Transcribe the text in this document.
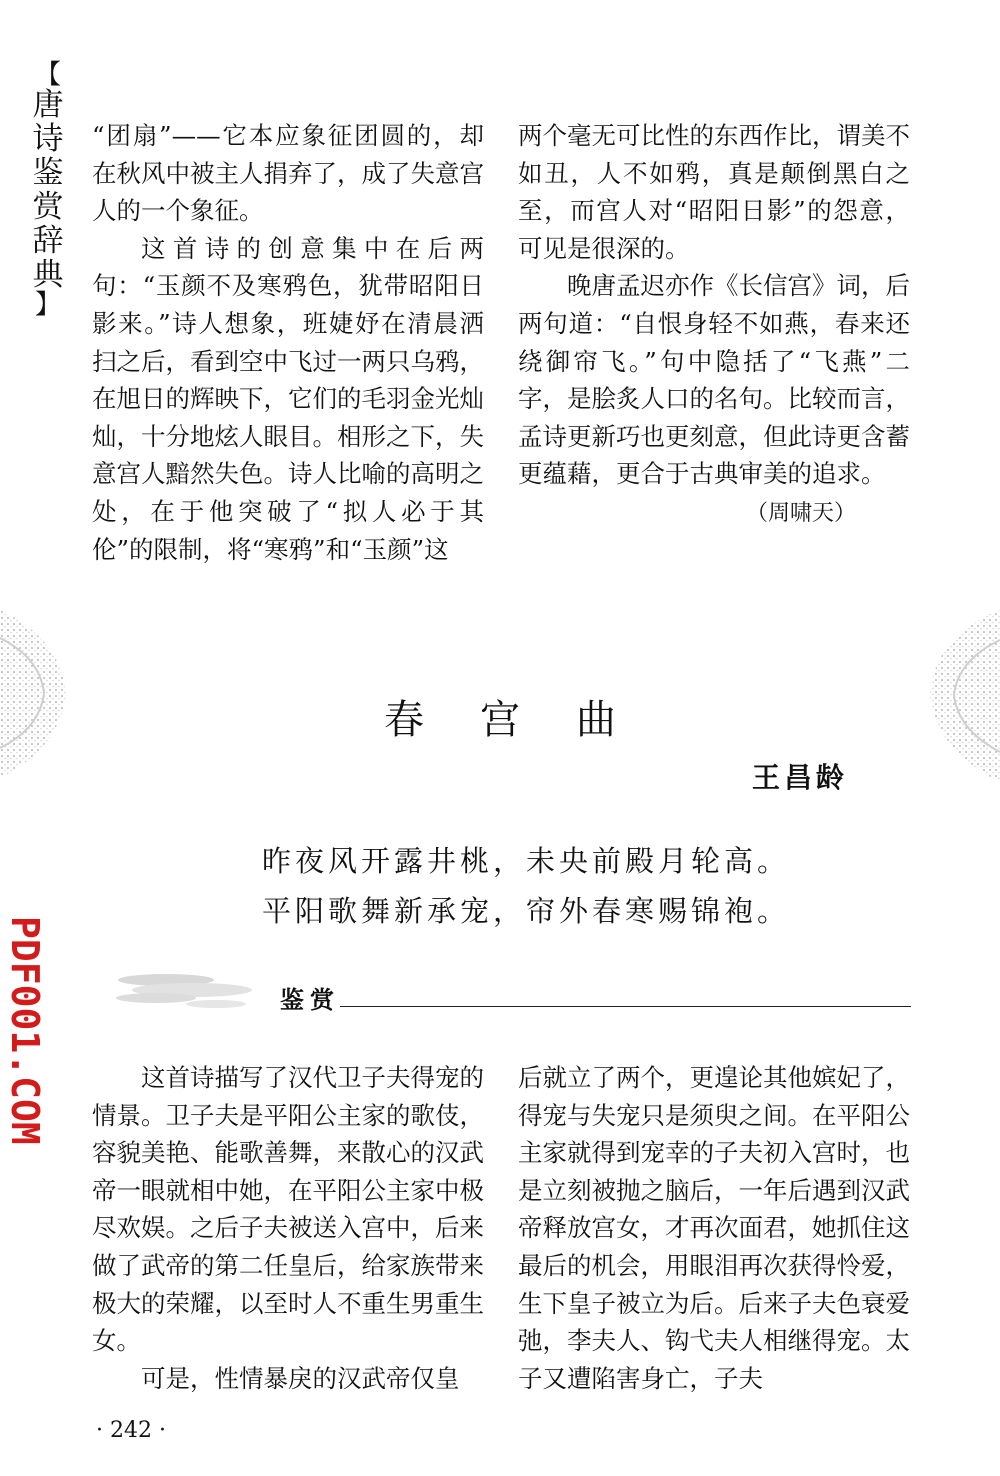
【
唐
诗
鉴
赏
辞
典
】

“团扇”——它本应象征团圆的，却在秋风中被主人捐弃了，成了失意宫人的一个象征。

这首诗的创意集中在后两句：“玉颜不及寒鸦色，犹带昭阳日影来。”诗人想象，班婕妤在清晨洒扫之后，看到空中飞过一两只乌鸦，在旭日的辉映下，它们的毛羽金光灿灿，十分地炫人眼目。相形之下，失意宫人黯然失色。诗人比喻的高明之处，在于他突破了“拟人必于其伦”的限制，将“寒鸦”和“玉颜”这

两个毫无可比性的东西作比，谓美不如丑，人不如鸦，真是颠倒黑白之至，而宫人对“昭阳日影”的怨意，可见是很深的。

晚唐孟迟亦作《长信宫》词，后两句道：“自恨身轻不如燕，春来还绕御帘飞。”句中隐括了“飞燕”二字，是脍炙人口的名句。比较而言，孟诗更新巧也更刻意，但此诗更含蓄更蕴藉，更合于古典审美的追求。

（周啸天）
春宫曲
王昌龄
昨夜风开露井桃，未央前殿月轮高。
平阳歌舞新承宠，帘外春寒赐锦袍。
鉴赏

这首诗描写了汉代卫子夫得宠的情景。卫子夫是平阳公主家的歌伎，容貌美艳、能歌善舞，来散心的汉武帝一眼就相中她，在平阳公主家中极尽欢娱。之后子夫被送入宫中，后来做了武帝的第二任皇后，给家族带来极大的荣耀，以至时人不重生男重生女。

可是，性情暴戾的汉武帝仅皇

后就立了两个，更遑论其他嫔妃了，得宠与失宠只是须臾之间。在平阳公主家就得到宠幸的子夫初入宫时，也是立刻被抛之脑后，一年后遇到汉武帝释放宫女，才再次面君，她抓住这最后的机会，用眼泪再次获得怜爱，生下皇子被立为后。后来子夫色衰爱弛，李夫人、钩弋夫人相继得宠。太子又遭陷害身亡，子夫

PDF001.COM
· 242 ·
